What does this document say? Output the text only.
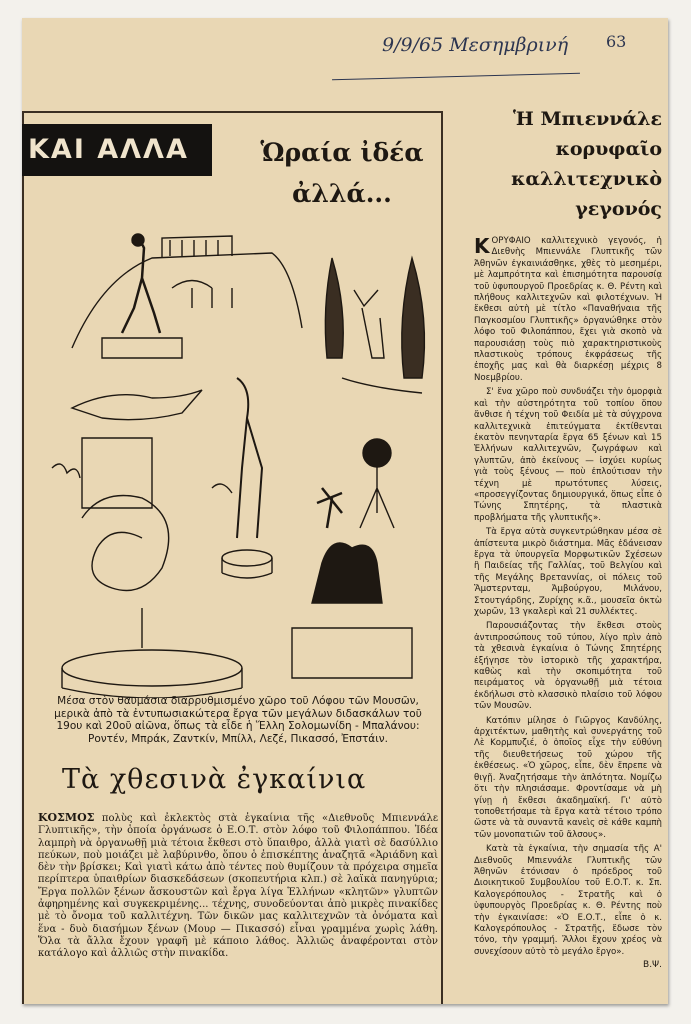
9/9/65 Μεσημβρινή 63
ΚΑΙ ΑΛΛΑ	Ὡραία ἰδέα
ἀλλά...
Μέσα στὸν θαυμάσια διαρρυθμισμένο χῶρο τοῦ Λόφου τῶν Μουσῶν,
μερικὰ ἀπὸ τὰ ἐντυπωσιακώτερα ἔργα τῶν μεγάλων διδασκάλων τοῦ
19ου καὶ 20οῦ αἰῶνα, ὅπως τὰ εἶδε ἡ Ἕλλη Σολομωνίδη - Μπαλάνου:
Ροντέν, Μπράκ, Ζαντκίν, Μπίλλ, Λεζέ, Πικασσό, Ἐπστάιν.
Τὰ χθεσινὰ ἐγκαίνια
ΚΟΣΜΟΣ πολὺς καὶ ἐκλεκτὸς στὰ ἐγκαίνια τῆς «Διεθνοῦς Μπιεννάλε Γλυπτικῆς», τὴν ὁποία ὀργάνωσε ὁ Ε.Ο.Τ. στὸν λόφο τοῦ Φιλοπάππου. Ἰδέα λαμπρὴ νὰ ὀργανωθῇ μιὰ τέτοια ἔκθεσι στὸ ὕπαιθρο, ἀλλὰ γιατὶ σὲ δασύλλιο πεύκων, ποὺ μοιάζει μὲ λαβύρινθο, ὅπου ὁ ἐπισκέπτης ἀναζητᾶ «Ἀριάδνη καὶ δὲν τὴν βρίσκει; Καὶ γιατὶ κάτω ἀπὸ τέντες ποὺ θυμίζουν τὰ πρόχειρα σημεῖα περίπτερα ὑπαιθρίων διασκεδάσεων (σκοπευτήρια κλπ.) σὲ λαϊκὰ πανηγύρια; Ἔργα πολλῶν ξένων ἄσκουστῶν καὶ ἔργα λίγα Ἑλλήνων «κλητῶν» γλυπτῶν ἀφηρημένης καὶ συγκεκριμένης... τέχνης, συνοδεύονται ἀπὸ μικρὲς πινακίδες μὲ τὸ ὄνομα τοῦ καλλιτέχνη. Τῶν δικῶν μας καλλιτεχνῶν τὰ ὀνόματα καὶ ἕνα - δυὸ διασήμων ξένων (Μουρ — Πικασσό) εἶναι γραμμένα χωρὶς λάθη. Ὅλα τὰ ἄλλα ἔχουν γραφῆ μὲ κάποιο λάθος. Ἀλλιῶς ἀναφέρονται στὸν κατάλογο καὶ ἀλλιῶς στὴν πινακίδα.
Ἡ Μπιεννάλε
κορυφαῖο
καλλιτεχνικὸ
γεγονός

ΚΟΡΥΦΑΙΟ καλλιτεχνικὸ γεγονός, ἡ Διεθνὴς Μπιεννάλε Γλυπτικῆς τῶν Ἀθηνῶν ἐγκαινιάσθηκε, χθὲς τὸ μεσημέρι, μὲ λαμπρότητα καὶ ἐπισημότητα παρουσίᾳ τοῦ ὑφυπουργοῦ Προεδρίας κ. Θ. Ρέντη καὶ πλήθους καλλιτεχνῶν καὶ φιλοτέχνων. Ἡ ἔκθεσι αὐτὴ μὲ τίτλο «Παναθήναια τῆς Παγκοσμίου Γλυπτικῆς» ὀργανώθηκε στὸν λόφο τοῦ Φιλοπάππου, ἔχει γιὰ σκοπὸ νὰ παρουσιάσῃ τοὺς πιὸ χαρακτηριστικοὺς πλαστικοὺς τρόπους ἐκφράσεως τῆς ἐποχῆς μας καὶ θὰ διαρκέσῃ μέχρις 8 Νοεμβρίου.

Σ' ἕνα χῶρο ποὺ συνδυάζει τὴν ὀμορφιὰ καὶ τὴν αὐστηρότητα τοῦ τοπίου ὅπου ἄνθισε ἡ τέχνη τοῦ Φειδία μὲ τὰ σύγχρονα καλλιτεχνικὰ ἐπιτεύγματα ἐκτίθενται ἑκατὸν πενηνταρία ἔργα 65 ξένων καὶ 15 Ἑλλήνων καλλιτεχνῶν, ζωγράφων καὶ γλυπτῶν, ἀπὸ ἐκείνους — ἰσχύει κυρίως γιὰ τοὺς ξένους — ποὺ ἐπλούτισαν τὴν τέχνη μὲ πρωτότυπες λύσεις, «προσεγγίζοντας δημιουργικά, ὅπως εἶπε ὁ Τώνης Σπητέρης, τὰ πλαστικὰ προβλήματα τῆς γλυπτικῆς».

Τὰ ἔργα αὐτὰ συγκεντρώθηκαν μέσα σὲ ἀπίστευτα μικρὸ διάστημα. Μᾶς ἐδάνεισαν ἔργα τὰ ὑπουργεῖα Μορφωτικῶν Σχέσεων ἢ Παιδείας τῆς Γαλλίας, τοῦ Βελγίου καὶ τῆς Μεγάλης Βρεταννίας, οἱ πόλεις τοῦ Ἄμστερνταμ, Ἀμβούργου, Μιλάνου, Στουτγάρδης, Ζυρίχης κ.ἄ., μουσεῖα ὀκτὼ χωρῶν, 13 γκαλερὶ καὶ 21 συλλέκτες.

Παρουσιάζοντας τὴν ἔκθεσι στοὺς ἀντιπροσώπους τοῦ τύπου, λίγο πρὶν ἀπὸ τὰ χθεσινὰ ἐγκαίνια ὁ Τώνης Σπητέρης ἐξήγησε τὸν ἱστορικὸ τῆς χαρακτήρα, καθὼς καὶ τὴν σκοπιμότητα τοῦ πειράματος νὰ ὀργανωθῇ μιὰ τέτοια ἐκδήλωσι στὸ κλασσικὸ πλαίσιο τοῦ λόφου τῶν Μουσῶν.

Κατόπιν μίλησε ὁ Γιῶργος Κανδύλης, ἀρχιτέκτων, μαθητὴς καὶ συνεργάτης τοῦ Λὲ Κορμπυζιέ, ὁ ὁποῖος εἶχε τὴν εὐθύνη τῆς διευθετήσεως τοῦ χώρου τῆς ἐκθέσεως. «Ὁ χῶρος, εἶπε, δὲν ἔπρεπε νὰ θιγῇ. Ἀναζητήσαμε τὴν ἁπλότητα. Νομίζω ὅτι τὴν πλησιάσαμε. Φροντίσαμε νὰ μὴ γίνῃ ἡ ἔκθεσι ἀκαδημαϊκή. Γι' αὐτὸ τοποθετήσαμε τὰ ἔργα κατὰ τέτοιο τρόπο ὥστε νὰ τὰ συναντᾶ κανεὶς σὲ κάθε καμπὴ τῶν μονοπατιῶν τοῦ ἄλσους».

Κατὰ τὰ ἐγκαίνια, τὴν σημασία τῆς Α' Διεθνοῦς Μπιεννάλε Γλυπτικῆς τῶν Ἀθηνῶν ἐτόνισαν ὁ πρόεδρος τοῦ Διοικητικοῦ Συμβουλίου τοῦ Ε.Ο.Τ. κ. Σπ. Καλογερόπουλος - Στρατῆς καὶ ὁ ὑφυπουργὸς Προεδρίας κ. Θ. Ρέντης ποὺ τὴν ἐγκαινίασε: «Ὁ Ε.Ο.Τ., εἶπε ὁ κ. Καλογερόπουλος - Στρατῆς, ἔδωσε τὸν τόνο, τὴν γραμμή. Ἄλλοι ἔχουν χρέος νὰ συνεχίσουν αὐτὸ τὸ μεγάλο ἔργο».

Β.Ψ.
